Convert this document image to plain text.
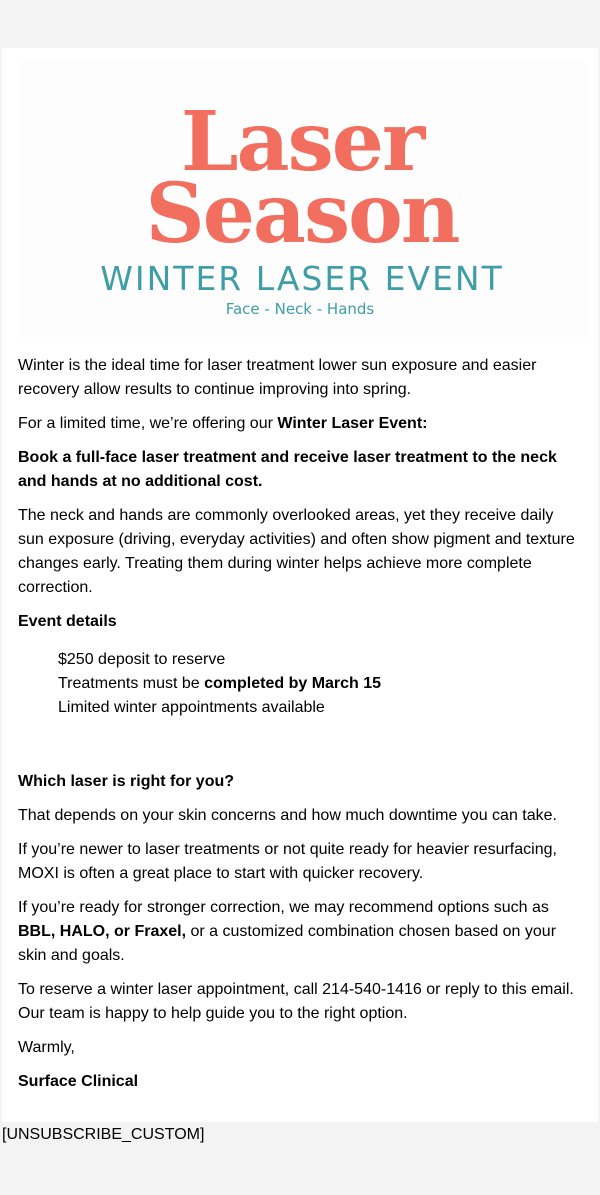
Laser
Season
WINTER LASER EVENT
Face - Neck - Hands

Winter is the ideal time for laser treatment lower sun exposure and easier recovery allow results to continue improving into spring.

For a limited time, we’re offering our Winter Laser Event:

Book a full-face laser treatment and receive laser treatment to the neck and hands at no additional cost.

The neck and hands are commonly overlooked areas, yet they receive daily sun exposure (driving, everyday activities) and often show pigment and texture changes early. Treating them during winter helps achieve more complete correction.

Event details

$250 deposit to reserve
Treatments must be completed by March 15
Limited winter appointments available

Which laser is right for you?

That depends on your skin concerns and how much downtime you can take.

If you’re newer to laser treatments or not quite ready for heavier resurfacing, MOXI is often a great place to start with quicker recovery.

If you’re ready for stronger correction, we may recommend options such as BBL, HALO, or Fraxel, or a customized combination chosen based on your skin and goals.

To reserve a winter laser appointment, call 214-540-1416 or reply to this email. Our team is happy to help guide you to the right option.

Warmly,

Surface Clinical

[UNSUBSCRIBE_CUSTOM]
